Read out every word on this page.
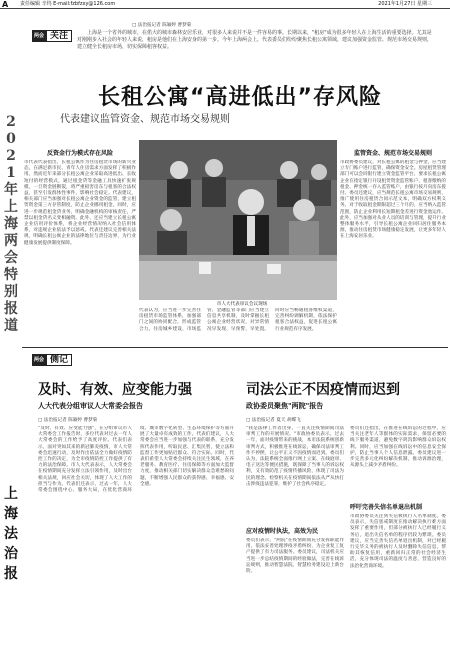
A 责任编辑 辛坞 E-mail:fzbfzxy@126.com	2021年1月27日 星期三
2021年上海两会特别报道
上海法治报
两会 关注
□ 法治报记者 陈颖婷 曹梦菊
上海是一个省外的城市，在偌大的城市森林安居乐业，对很多人来说并不是一件容易的事。长期以来，"租房"成为很多年轻人在上海生活的重要选择。尤其是对刚刚步入社会的年轻人来说，租房是他们在上海安身的第一步。今年上海两会上，代表委员们纷纷聚焦长租公寓领域，建议加强资金监管、规范市场交易规则，建立健全长租房市场，切实保障租客权益。
长租公寓“高进低出”存风险
代表建议监管资金、规范市场交易规则
反资金行为模式存在风险
市代表代表指出，长租公寓作为住房租赁市场的新兴业态，在满足新市民、青年人住房需求方面发挥了积极作用。然而近年来部分长租公寓企业采取高进低出、长收短付的经营模式，通过租金贷等金融工具快速扩张规模，一旦资金链断裂，将严重损害房东与租客的合法权益，甚至引发群体性事件，影响社会稳定。代表建议，相关部门应当加强对长租公寓企业资金的监管，建立租赁资金第三方存管制度，防止企业挪用租金。同时，应进一步规范租金贷业务，明确金融机构的审核责任，严禁以租金贷名义变相融资。此外，还应当建立长租公寓企业信用评价体系，将企业经营情况纳入社会信用体系，对违规企业依法予以惩戒。代表还建议完善相关法规，明确长租公寓企业的法律地位与责任边界，为行业健康发展提供制度保障。
市人大代表审议会议现场
代表认为，应当进一步完善住房租赁市场监管体系，加强部门之间的协同配合，形成监管合力。住房城乡建设、市场监管、金融监管等部门应当建立信息共享机制，及时掌握长租公寓企业经营状况，对异常情况早发现、早预警、早处置。同时应当畅通租客维权渠道，完善纠纷调解机制，依法保护租客合法权益，促进长租公寓行业规范有序发展。
监管资金、规范市场交易规则
市政协委员建议，对长租公寓的租金与押金，应当建立专门账户进行监管，确保资金安全。房屋租赁管理部门可以会同银行建立资金监管平台，要求长租公寓企业在指定银行开设租赁资金监管账户，租客缴纳的租金、押金统一存入监管账户，由银行按月向房东拨付。委员还建议，应当规范长租公寓市场交易规则，推广使用住房租赁合同示范文本，明确双方权利义务。对于收取租金期限超过三个月的，应当纳入监管范围，防止企业利用长短期租金差进行资金池运作。此外，应当加强对从业人员的培训与管理，提升行业整体服务水平，引导长租公寓企业回归居住服务本源，推动住房租赁市场健康稳定发展，让更多年轻人在上海安居乐业。
两会 侧记
及时、有效、应变能力强
人大代表分组审议人大常委会报告
□ 法治报记者 陈颖婷 曹梦菊
"及时、有效、应变能力强"，在分组审议市人大常委会工作报告时，多位代表对过去一年人大常委会的工作给予了高度评价。代表们表示，面对突如其来的新冠肺炎疫情，市人大常委会迅速行动，及时作出依法全力做好疫情防控工作的决定，为全市疫情防控工作提供了有力的法治保障。市人大代表表示，人大常委会在疫情期间充分发挥立法引领作用，及时出台相关法规，回应社会关切，体现了人大工作的担当与作为。代表们还表示，过去一年，人大常委会围绕中心、服务大局，在优化营商环境、城市数字化转型、生态环境保护等方面开展了大量卓有成效的工作。代表们建议，人大常委会应当进一步加强与代表的联系，充分发挥代表作用，听取民意、汇集民智，使立法和监督工作更加贴近群众、符合实际。同时，代表们希望人大常委会持续关注民生领域，在养老服务、教育医疗、住房保障等方面加大监督力度，推动相关部门切实解决群众急难愁盼问题，不断增强人民群众的获得感、幸福感、安全感。
司法公正不因疫情而迟到
政协委员聚焦"两院"报告
□ 法治报记者 夏天 胡蝶飞
"我是法律工作者出身，一直关注疫情期间司法审判工作的开展情况。"市政协委员表示，过去一年，面对疫情带来的挑战，本市法院系统创新审判方式，积极推进在线诉讼，确保司法审判工作不停摆，让公平正义不因疫情而迟到。委员们认为，法院系统全面推行网上立案、在线庭审、电子送达等便民措施，既保障了当事人的诉讼权利，又有效防范了疫情传播风险，体现了司法为民的理念。检察机关在疫情期间依法从严从快打击涉疫违法犯罪，维护了社会秩序稳定。
应对疫情时执法，高效为民
委员们表示，"两院"在疫情期间充分发挥职能作用，依法妥善处理涉疫矛盾纠纷，为企业复工复产提供了有力司法服务。委员建议，司法机关应当进一步总结疫情期间的经验做法，完善在线诉讼规则，推动智慧法院、智慧检务建设迈上新台阶。
委员们还指出，在推进在线诉讼的过程中，应当关注老年人等群体的实际需求，保留必要的线下服务渠道，避免数字鸿沟影响群众诉讼权利。同时，应当加强在线诉讼中的信息安全保护，防止当事人个人信息泄露。委员建议进一步完善多元化纠纷解决机制，推动诉源治理，从源头上减少矛盾纠纷。
呼吁完善失信名单退出机制
市政协委员关注到失信被执行人名单制度。委员表示，失信惩戒制度在推动解决执行难方面发挥了重要作用，但部分被执行人已经履行义务后，退出失信名单的程序仍较为繁琐。委员建议，应当完善失信名单退出机制，对已经履行完毕义务的被执行人及时删除失信信息，帮助其恢复信用，重新回归正常的社会经济生活，充分体现司法的温度与善意，营造良好的法治化营商环境。
